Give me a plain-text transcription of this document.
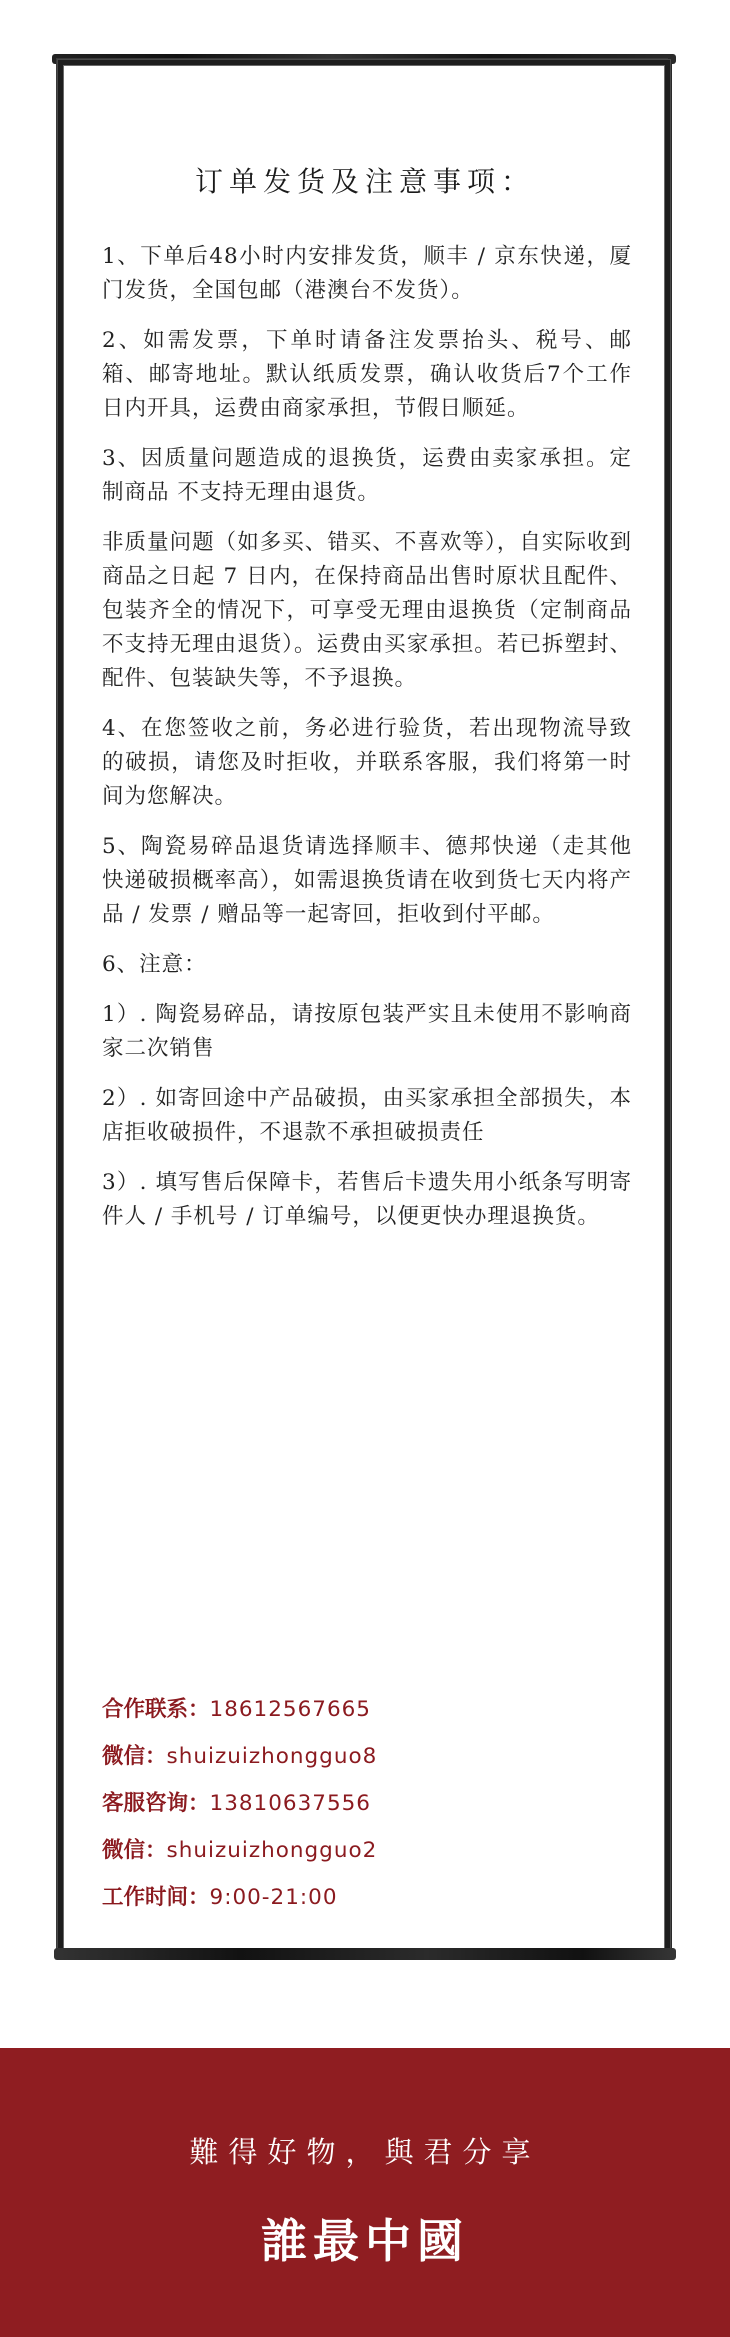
订单发货及注意事项：

1、下单后48小时内安排发货，顺丰 / 京东快递，厦门发货，全国包邮（港澳台不发货）。

2、如需发票，下单时请备注发票抬头、税号、邮箱、邮寄地址。默认纸质发票，确认收货后7个工作日内开具，运费由商家承担，节假日顺延。

3、因质量问题造成的退换货，运费由卖家承担。定制商品 不支持无理由退货。

非质量问题（如多买、错买、不喜欢等），自实际收到商品之日起 7 日内，在保持商品出售时原状且配件、包装齐全的情况下，可享受无理由退换货（定制商品 不支持无理由退货）。运费由买家承担。若已拆塑封、配件、包装缺失等，不予退换。

4、在您签收之前，务必进行验货，若出现物流导致的破损，请您及时拒收，并联系客服，我们将第一时间为您解决。

5、陶瓷易碎品退货请选择顺丰、德邦快递（走其他快递破损概率高），如需退换货请在收到货七天内将产品 / 发票 / 赠品等一起寄回，拒收到付平邮。

6、注意：

1）. 陶瓷易碎品，请按原包装严实且未使用不影响商家二次销售

2）. 如寄回途中产品破损，由买家承担全部损失，本店拒收破损件，不退款不承担破损责任

3）. 填写售后保障卡，若售后卡遗失用小纸条写明寄件人 / 手机号 / 订单编号，以便更快办理退换货。

合作联系：18612567665
微信：shuizuizhongguo8
客服咨询：13810637556
微信：shuizuizhongguo2
工作时间：9:00-21:00
難得好物，與君分享
誰最中國
